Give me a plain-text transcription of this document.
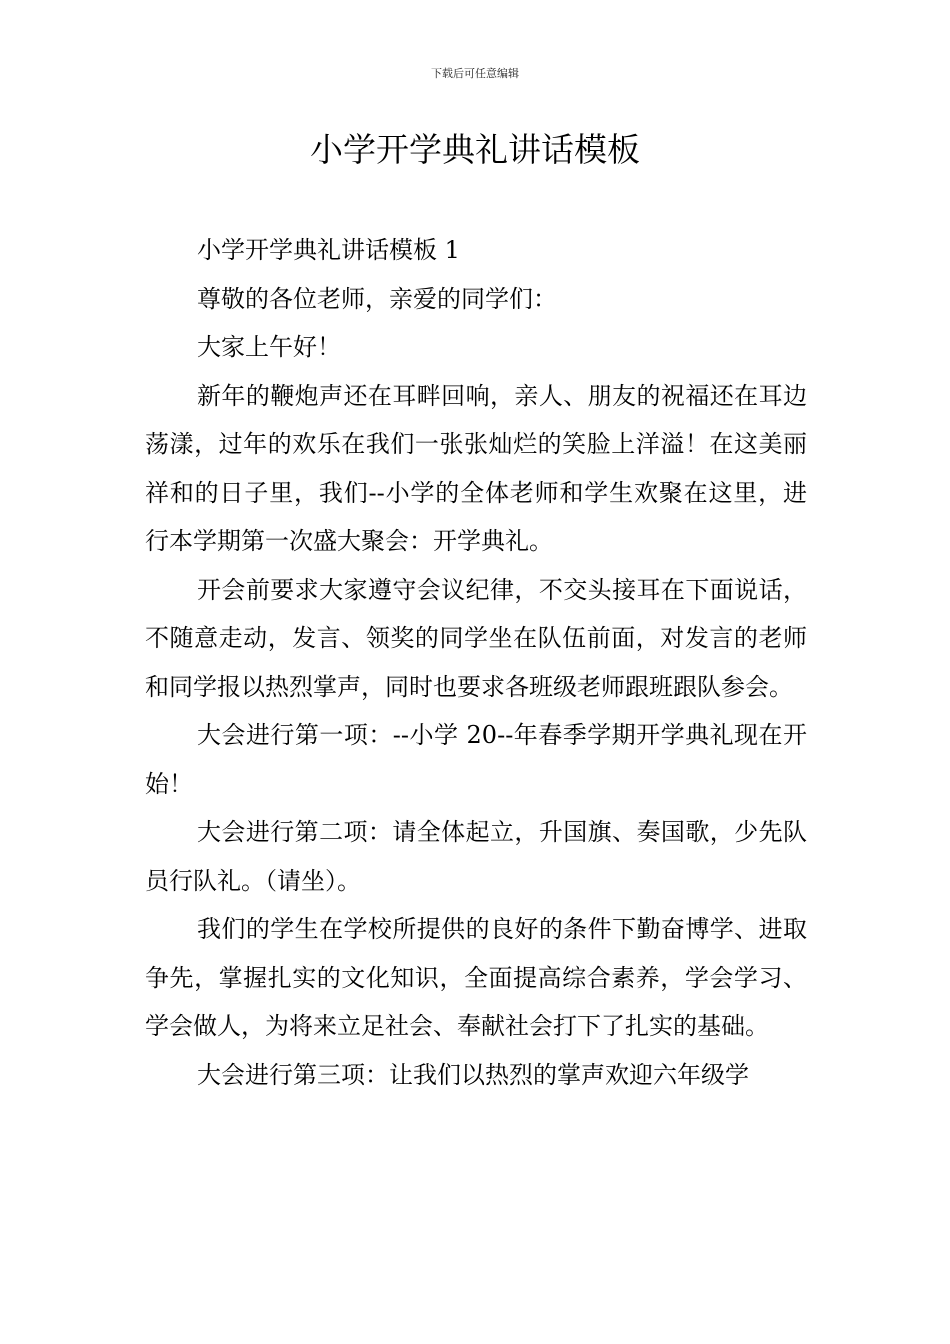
下载后可任意编辑
小学开学典礼讲话模板

小学开学典礼讲话模板 1

尊敬的各位老师，亲爱的同学们：

大家上午好！

新年的鞭炮声还在耳畔回响，亲人、朋友的祝福还在耳边荡漾，过年的欢乐在我们一张张灿烂的笑脸上洋溢！在这美丽祥和的日子里，我们--小学的全体老师和学生欢聚在这里，进行本学期第一次盛大聚会：开学典礼。

开会前要求大家遵守会议纪律，不交头接耳在下面说话，不随意走动，发言、领奖的同学坐在队伍前面，对发言的老师和同学报以热烈掌声，同时也要求各班级老师跟班跟队参会。

大会进行第一项：--小学 20--年春季学期开学典礼现在开始！

大会进行第二项：请全体起立，升国旗、奏国歌，少先队员行队礼。（请坐）。

我们的学生在学校所提供的良好的条件下勤奋博学、进取争先，掌握扎实的文化知识，全面提高综合素养，学会学习、学会做人，为将来立足社会、奉献社会打下了扎实的基础。

大会进行第三项：让我们以热烈的掌声欢迎六年级学
